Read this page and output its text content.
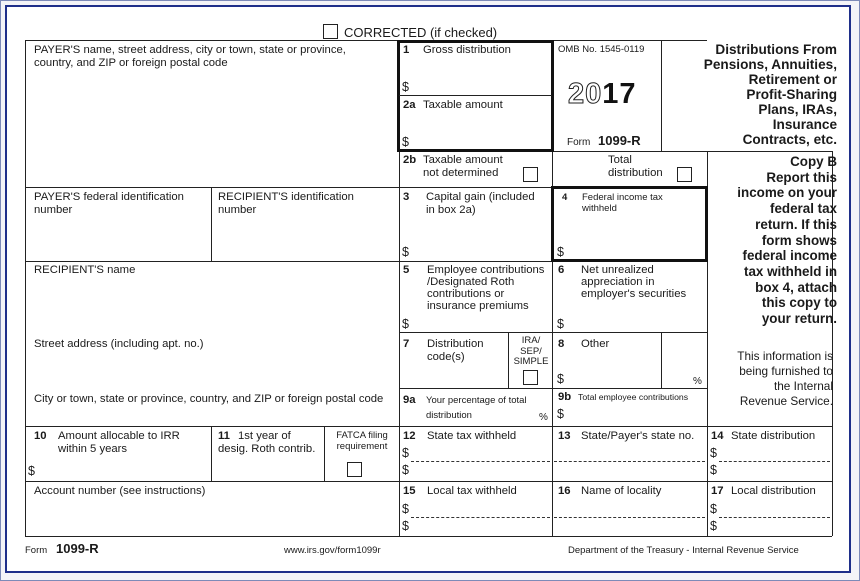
CORRECTED (if checked)
PAYER'S name, street address, city or town, state or province,
country, and ZIP or foreign postal code
PAYER'S federal identification
number
RECIPIENT'S identification
number
RECIPIENT'S name
Street address (including apt. no.)
City or town, state or province, country, and ZIP or foreign postal code
Account number (see instructions)
1 Gross distribution
$
2a Taxable amount
$
OMB No. 1545-0119
2017
Form 1099-R
Distributions From
Pensions, Annuities,
Retirement or
Profit-Sharing
Plans, IRAs,
Insurance
Contracts, etc.
2b Taxable amount
not determined
Total
distribution
3 Capital gain (included
in box 2a)
$
4 Federal income tax
withheld
$
5 Employee contributions
/Designated Roth
contributions or
insurance premiums
$
6 Net unrealized
appreciation in
employer's securities
$
7 Distribution
code(s)
IRA/
SEP/
SIMPLE
8 Other
$	%
9a Your percentage of total
distribution	%
9b Total employee contributions
$
Copy B
Report this
income on your
federal tax
return. If this
form shows
federal income
tax withheld in
box 4, attach
this copy to
your return.
This information is
being furnished to
the Internal
Revenue Service.
10 Amount allocable to IRR
within 5 years
$
11 1st year of
desig. Roth contrib.
FATCA filing
requirement
12 State tax withheld
$
$
13 State/Payer's state no. 14 State distribution
$
$
15 Local tax withheld
$
$
16 Name of locality	17 Local distribution
$
$
Form 1099-R	www.irs.gov/form1099r	Department of the Treasury - Internal Revenue Service
